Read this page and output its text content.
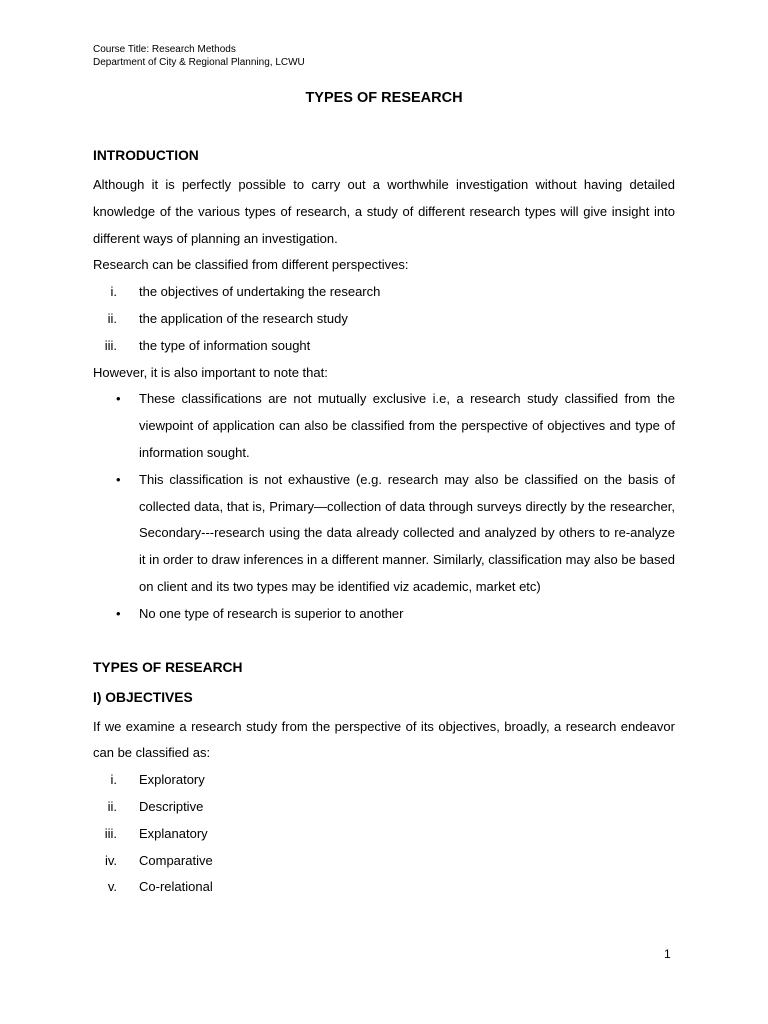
Course Title: Research Methods
Department of City & Regional Planning, LCWU
TYPES OF RESEARCH
INTRODUCTION
Although it is perfectly possible to carry out a worthwhile investigation without having detailed knowledge of the various types of research, a study of different research types will give insight into different ways of planning an investigation.
Research can be classified from different perspectives:
i. the objectives of undertaking the research
ii. the application of the research study
iii. the type of information sought
However, it is also important to note that:
• These classifications are not mutually exclusive i.e, a research study classified from the viewpoint of application can also be classified from the perspective of objectives and type of information sought.
• This classification is not exhaustive (e.g. research may also be classified on the basis of collected data, that is, Primary—collection of data through surveys directly by the researcher, Secondary---research using the data already collected and analyzed by others to re-analyze it in order to draw inferences in a different manner. Similarly, classification may also be based on client and its two types may be identified viz academic, market etc)
• No one type of research is superior to another
TYPES OF RESEARCH
I) OBJECTIVES
If we examine a research study from the perspective of its objectives, broadly, a research endeavor can be classified as:
i. Exploratory
ii. Descriptive
iii. Explanatory
iv. Comparative
v. Co-relational
1
